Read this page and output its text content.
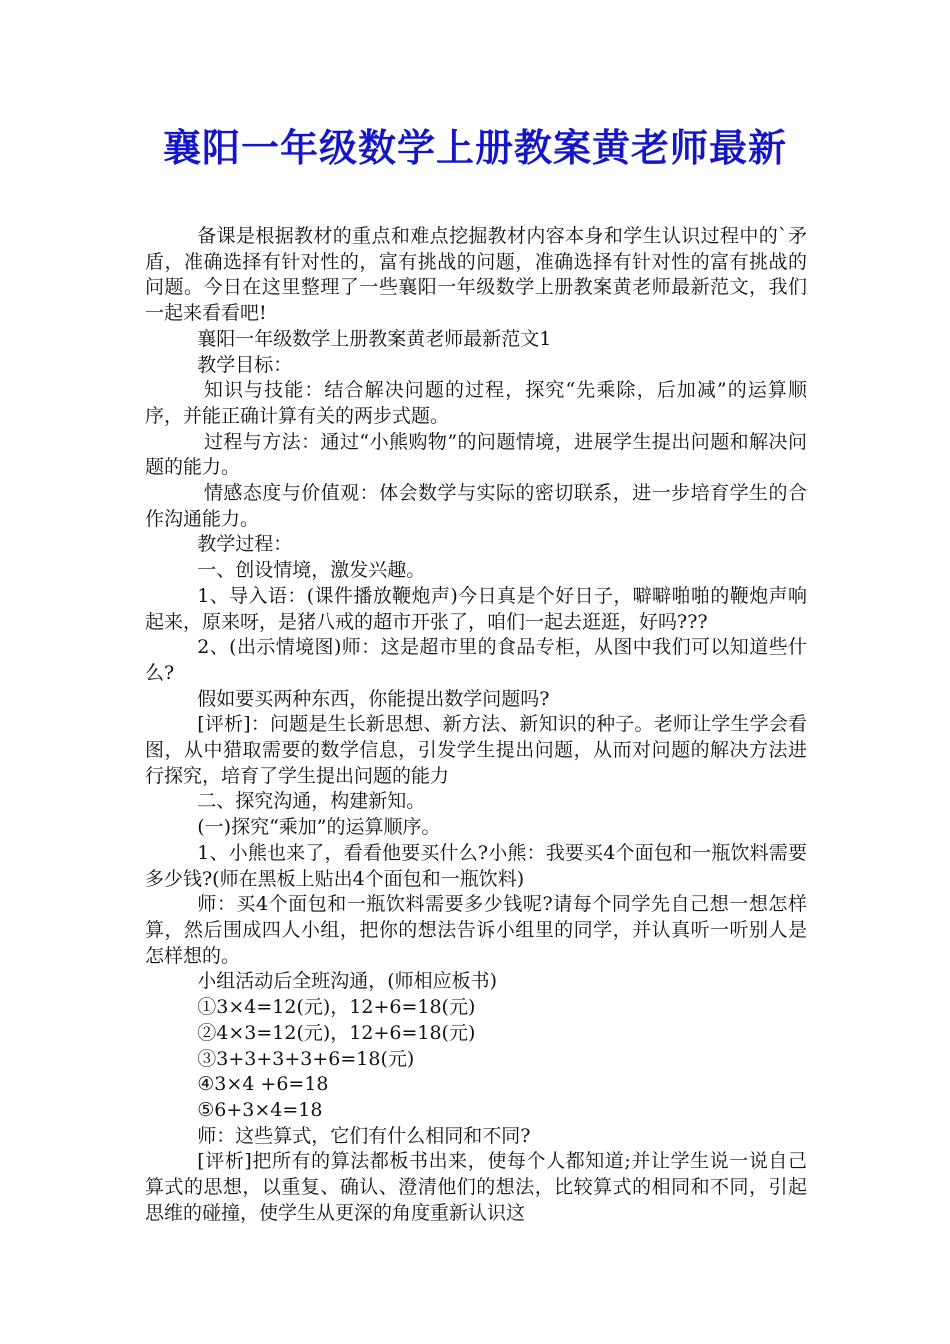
襄阳一年级数学上册教案黄老师最新

备课是根据教材的重点和难点挖掘教材内容本身和学生认识过程中的`矛盾，准确选择有针对性的，富有挑战的问题，准确选择有针对性的富有挑战的问题。今日在这里整理了一些襄阳一年级数学上册教案黄老师最新范文，我们一起来看看吧!

襄阳一年级数学上册教案黄老师最新范文1

教学目标：

知识与技能：结合解决问题的过程，探究“先乘除，后加减”的运算顺序，并能正确计算有关的两步式题。

过程与方法：通过“小熊购物”的问题情境，进展学生提出问题和解决问题的能力。

情感态度与价值观：体会数学与实际的密切联系，进一步培育学生的合作沟通能力。

教学过程：

一、创设情境，激发兴趣。

1、导入语：(课件播放鞭炮声)今日真是个好日子，噼噼啪啪的鞭炮声响起来，原来呀，是猪八戒的超市开张了，咱们一起去逛逛，好吗???

2、(出示情境图)师：这是超市里的食品专柜，从图中我们可以知道些什么?

假如要买两种东西，你能提出数学问题吗?

[评析]：问题是生长新思想、新方法、新知识的种子。老师让学生学会看图，从中猎取需要的数学信息，引发学生提出问题，从而对问题的解决方法进行探究，培育了学生提出问题的能力

二、探究沟通，构建新知。

(一)探究“乘加”的运算顺序。

1、小熊也来了，看看他要买什么?小熊：我要买4个面包和一瓶饮料需要多少钱?(师在黑板上贴出4个面包和一瓶饮料)

师：买4个面包和一瓶饮料需要多少钱呢?请每个同学先自己想一想怎样算，然后围成四人小组，把你的想法告诉小组里的同学，并认真听一听别人是怎样想的。

小组活动后全班沟通，(师相应板书)

①3×4=12(元)，12+6=18(元)

②4×3=12(元)，12+6=18(元)

③3+3+3+3+6=18(元)

④3×4 +6=18

⑤6+3×4=18

师：这些算式，它们有什么相同和不同?

[评析]把所有的算法都板书出来，使每个人都知道;并让学生说一说自己算式的思想，以重复、确认、澄清他们的想法，比较算式的相同和不同，引起思维的碰撞，使学生从更深的角度重新认识这
